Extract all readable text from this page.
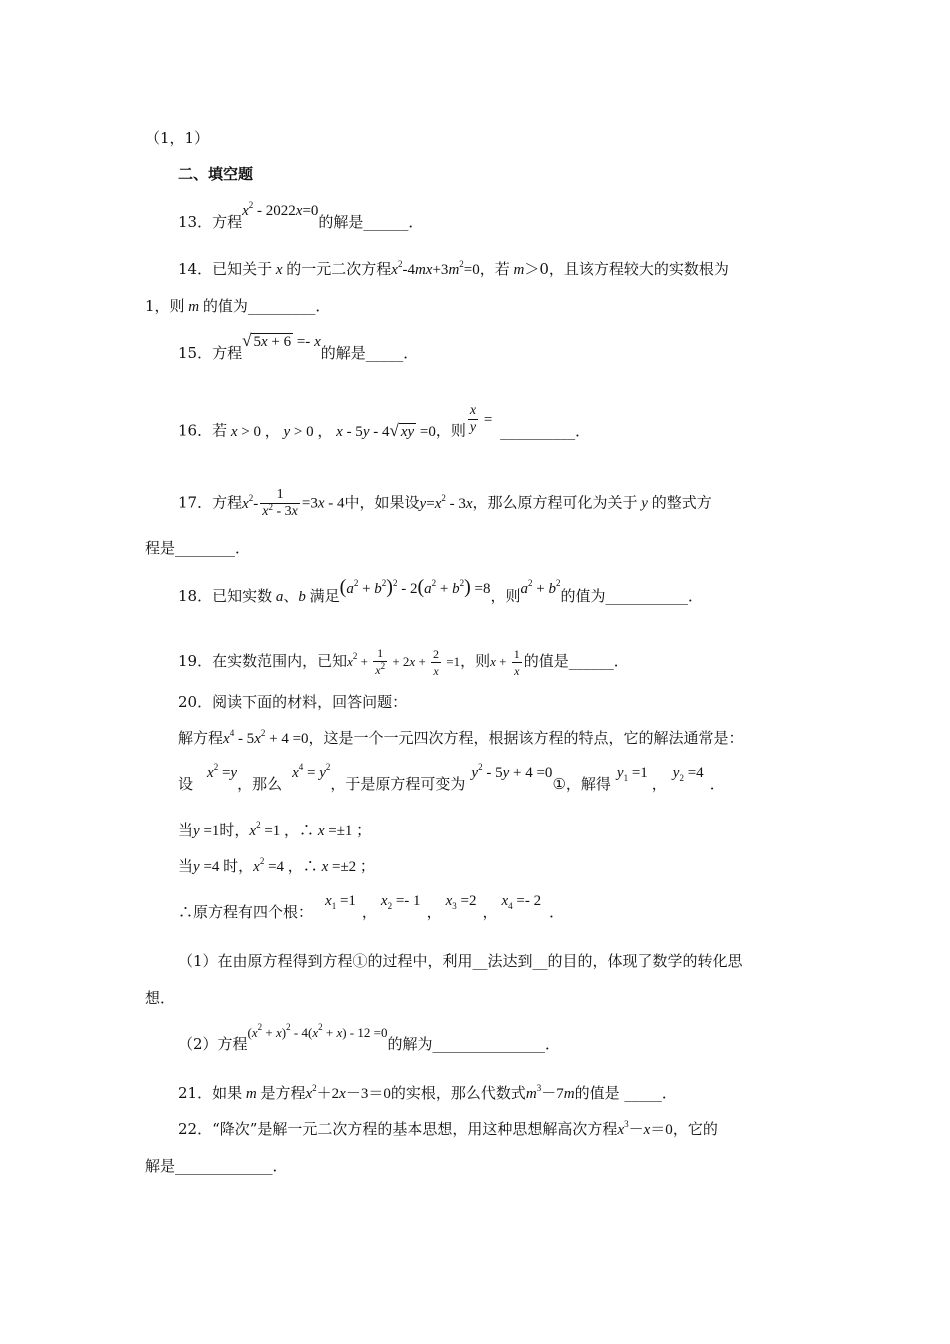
（1，1）
二、填空题
13．方程$x^2 - 2022x=0$的解是______．
14．已知关于 x 的一元二次方程$x^2-4mx+3m^2=0$，若 m＞0，且该方程较大的实数根为
1，则 m 的值为_________．
15．方程√ 5x + 6 =- x的解是_____．
16．若 x > 0 ， y > 0 ， x - 5y - 4√ xy =0，则 $\frac{x}{y}$ = __________．
17．方程$x^2- \frac{1}{x^2 - 3x} =3x - 4$中，如果设$y=x^2 - 3x$，那么原方程可化为关于 y 的整式方
程是________．
18．已知实数 a、b 满足$(a^2 + b^2)^2 - 2(a^2 + b^2) =8$，则$a^2 + b^2$的值为___________．
19．在实数范围内，已知$x^2 + \frac{1}{x^2} + 2x + \frac{2}{x} =1$，则$x + \frac{1}{x}$ 的值是______．
20．阅读下面的材料，回答问题：
解方程$x^4 - 5x^2 + 4 =0$，这是一个一元四次方程，根据该方程的特点，它的解法通常是：
设$x^2 =y$，那么$x^4 = y^2$，于是原方程可变为$y^2 - 5y + 4$ =0①，解得$y_1 =1$，$y_2 =4$．
当y =1时，$x^2 =1$ ，∴ x =±1 ；
当y =4 时，$x^2 =4$ ，∴ x =±2 ；
∴原方程有四个根：$x_1 =1$，$x_2 =- 1$，$x_3 =2$，$x_4 =- 2$．
（1）在由原方程得到方程①的过程中，利用__法达到__的目的，体现了数学的转化思
想．
（2）方程$(x^2 + x)^2 - 4(x^2 + x) - 12 =0$的解为_______________．
21．如果 m 是方程$x^2+2x-3=0$的实根，那么代数式$m^3-7m$的值是 _____．
22．“降次”是解一元二次方程的基本思想，用这种思想解高次方程$x^3-x=0$，它的
解是_____________．
